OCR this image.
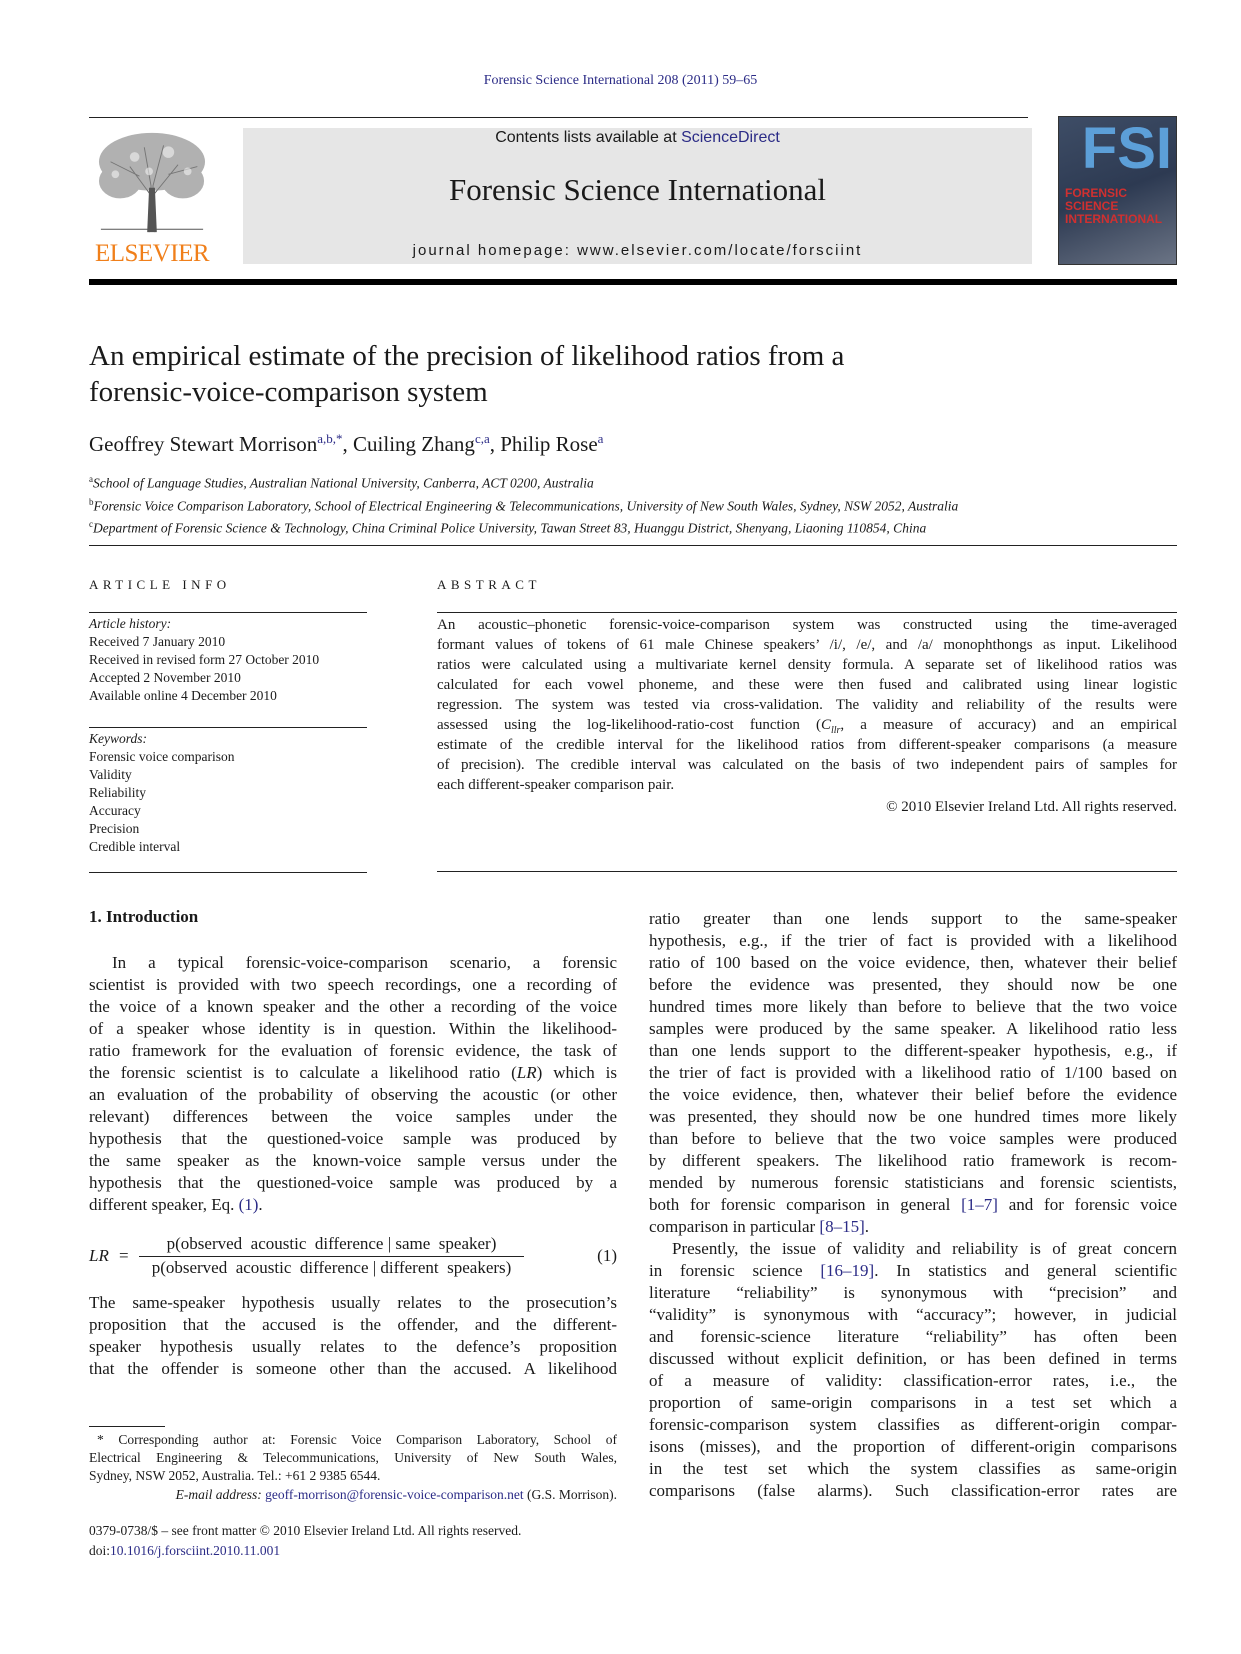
Forensic Science International 208 (2011) 59–65
ELSEVIER
Contents lists available at ScienceDirect
Forensic Science International
journal homepage: www.elsevier.com/locate/forsciint
FSI
FORENSIC SCIENCE INTERNATIONAL
An empirical estimate of the precision of likelihood ratios from a
forensic-voice-comparison system
Geoffrey Stewart Morrison$^{a,b,*}$, Cuiling Zhang$^{c,a}$, Philip Rose$^a$
$^a$School of Language Studies, Australian National University, Canberra, ACT 0200, Australia
$^b$Forensic Voice Comparison Laboratory, School of Electrical Engineering & Telecommunications, University of New South Wales, Sydney, NSW 2052, Australia
$^c$Department of Forensic Science & Technology, China Criminal Police University, Tawan Street 83, Huanggu District, Shenyang, Liaoning 110854, China
ARTICLE INFO
Article history:
Received 7 January 2010
Received in revised form 27 October 2010
Accepted 2 November 2010
Available online 4 December 2010
Keywords:
Forensic voice comparison
Validity
Reliability
Accuracy
Precision
Credible interval
ABSTRACT
An acoustic–phonetic forensic-voice-comparison system was constructed using the time-averaged
formant values of tokens of 61 male Chinese speakers’ /i/, /e/, and /a/ monophthongs as input. Likelihood
ratios were calculated using a multivariate kernel density formula. A separate set of likelihood ratios was
calculated for each vowel phoneme, and these were then fused and calibrated using linear logistic
regression. The system was tested via cross-validation. The validity and reliability of the results were
assessed using the log-likelihood-ratio-cost function ($C_{llr}$, a measure of accuracy) and an empirical
estimate of the credible interval for the likelihood ratios from different-speaker comparisons (a measure
of precision). The credible interval was calculated on the basis of two independent pairs of samples for
each different-speaker comparison pair.
© 2010 Elsevier Ireland Ltd. All rights reserved.
1. Introduction
In a typical forensic-voice-comparison scenario, a forensic
scientist is provided with two speech recordings, one a recording of
the voice of a known speaker and the other a recording of the voice
of a speaker whose identity is in question. Within the likelihood-
ratio framework for the evaluation of forensic evidence, the task of
the forensic scientist is to calculate a likelihood ratio (LR) which is
an evaluation of the probability of observing the acoustic (or other
relevant) differences between the voice samples under the
hypothesis that the questioned-voice sample was produced by
the same speaker as the known-voice sample versus under the
hypothesis that the questioned-voice sample was produced by a
different speaker, Eq. (1).
LR =
p(observed  acoustic  difference | same  speaker)
p(observed  acoustic  difference | different  speakers)
(1)
The same-speaker hypothesis usually relates to the prosecution’s
proposition that the accused is the offender, and the different-
speaker hypothesis usually relates to the defence’s proposition
that the offender is someone other than the accused. A likelihood
ratio greater than one lends support to the same-speaker
hypothesis, e.g., if the trier of fact is provided with a likelihood
ratio of 100 based on the voice evidence, then, whatever their belief
before the evidence was presented, they should now be one
hundred times more likely than before to believe that the two voice
samples were produced by the same speaker. A likelihood ratio less
than one lends support to the different-speaker hypothesis, e.g., if
the trier of fact is provided with a likelihood ratio of 1/100 based on
the voice evidence, then, whatever their belief before the evidence
was presented, they should now be one hundred times more likely
than before to believe that the two voice samples were produced
by different speakers. The likelihood ratio framework is recom-
mended by numerous forensic statisticians and forensic scientists,
both for forensic comparison in general [1–7] and for forensic voice
comparison in particular [8–15].
Presently, the issue of validity and reliability is of great concern
in forensic science [16–19]. In statistics and general scientific
literature “reliability” is synonymous with “precision” and
“validity” is synonymous with “accuracy”; however, in judicial
and forensic-science literature “reliability” has often been
discussed without explicit definition, or has been defined in terms
of a measure of validity: classification-error rates, i.e., the
proportion of same-origin comparisons in a test set which a
forensic-comparison system classifies as different-origin compar-
isons (misses), and the proportion of different-origin comparisons
in the test set which the system classifies as same-origin
comparisons (false alarms). Such classification-error rates are
* Corresponding author at: Forensic Voice Comparison Laboratory, School of
Electrical Engineering & Telecommunications, University of New South Wales,
Sydney, NSW 2052, Australia. Tel.: +61 2 9385 6544.
E-mail address: geoff-morrison@forensic-voice-comparison.net (G.S. Morrison).
0379-0738/$ – see front matter © 2010 Elsevier Ireland Ltd. All rights reserved.
doi:10.1016/j.forsciint.2010.11.001
